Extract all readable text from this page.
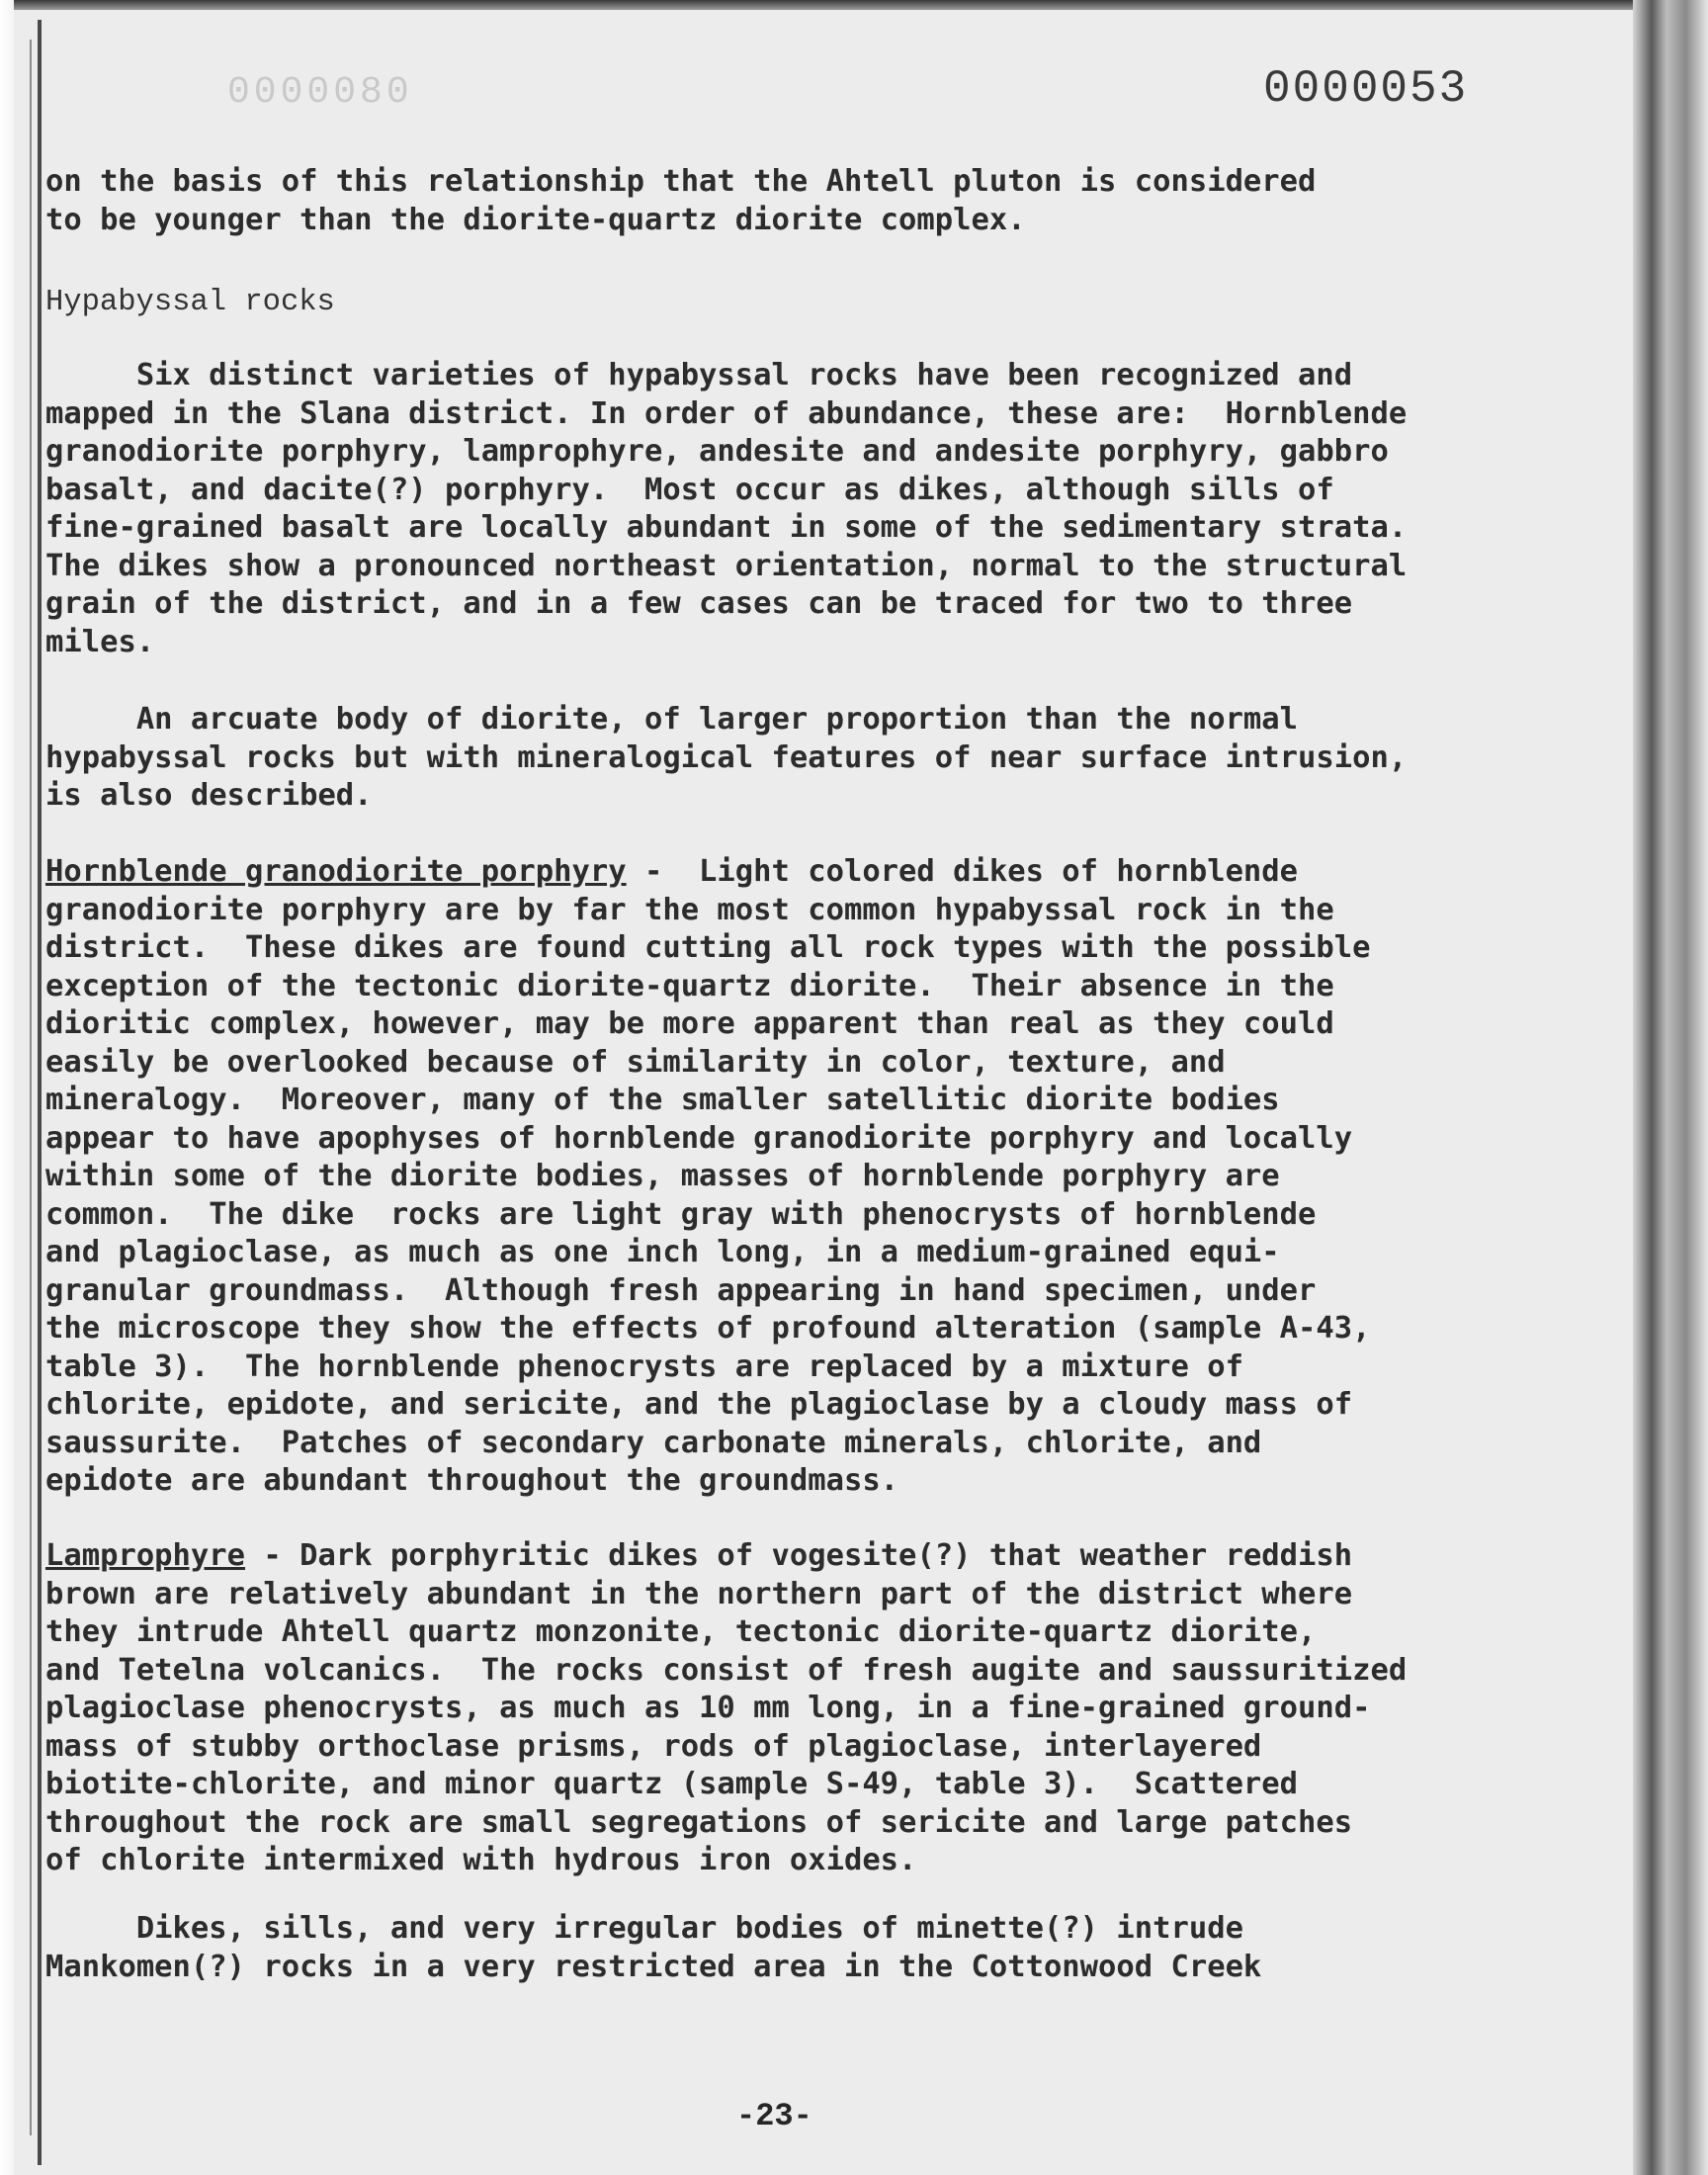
0000080	0000053
on the basis of this relationship that the Ahtell pluton is considered
to be younger than the diorite-quartz diorite complex.
Hypabyssal rocks
Six distinct varieties of hypabyssal rocks have been recognized and
mapped in the Slana district. In order of abundance, these are:  Hornblende
granodiorite porphyry, lamprophyre, andesite and andesite porphyry, gabbro
basalt, and dacite(?) porphyry.  Most occur as dikes, although sills of
fine-grained basalt are locally abundant in some of the sedimentary strata.
The dikes show a pronounced northeast orientation, normal to the structural
grain of the district, and in a few cases can be traced for two to three
miles.
An arcuate body of diorite, of larger proportion than the normal
hypabyssal rocks but with mineralogical features of near surface intrusion,
is also described.
Hornblende granodiorite porphyry -  Light colored dikes of hornblende
granodiorite porphyry are by far the most common hypabyssal rock in the
district.  These dikes are found cutting all rock types with the possible
exception of the tectonic diorite-quartz diorite.  Their absence in the
dioritic complex, however, may be more apparent than real as they could
easily be overlooked because of similarity in color, texture, and
mineralogy.  Moreover, many of the smaller satellitic diorite bodies
appear to have apophyses of hornblende granodiorite porphyry and locally
within some of the diorite bodies, masses of hornblende porphyry are
common.  The dike  rocks are light gray with phenocrysts of hornblende
and plagioclase, as much as one inch long, in a medium-grained equi-
granular groundmass.  Although fresh appearing in hand specimen, under
the microscope they show the effects of profound alteration (sample A-43,
table 3).  The hornblende phenocrysts are replaced by a mixture of
chlorite, epidote, and sericite, and the plagioclase by a cloudy mass of
saussurite.  Patches of secondary carbonate minerals, chlorite, and
epidote are abundant throughout the groundmass.
Lamprophyre - Dark porphyritic dikes of vogesite(?) that weather reddish
brown are relatively abundant in the northern part of the district where
they intrude Ahtell quartz monzonite, tectonic diorite-quartz diorite,
and Tetelna volcanics.  The rocks consist of fresh augite and saussuritized
plagioclase phenocrysts, as much as 10 mm long, in a fine-grained ground-
mass of stubby orthoclase prisms, rods of plagioclase, interlayered
biotite-chlorite, and minor quartz (sample S-49, table 3).  Scattered
throughout the rock are small segregations of sericite and large patches
of chlorite intermixed with hydrous iron oxides.
Dikes, sills, and very irregular bodies of minette(?) intrude
Mankomen(?) rocks in a very restricted area in the Cottonwood Creek
-23-
